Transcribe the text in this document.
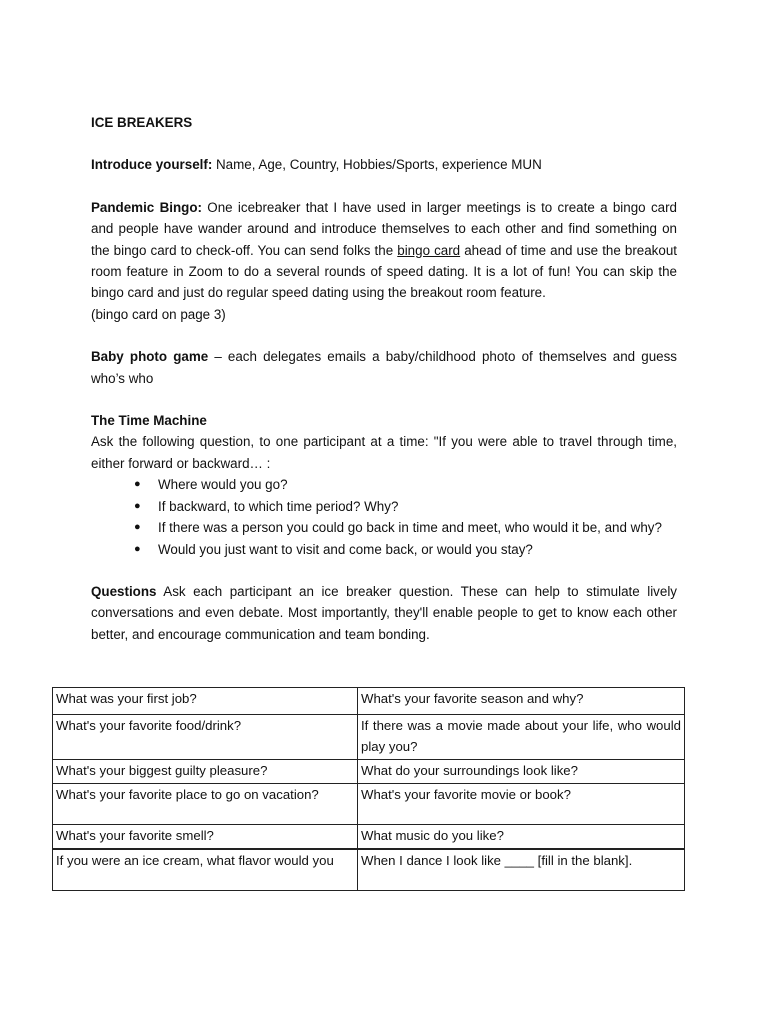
ICE BREAKERS

Introduce yourself: Name, Age, Country, Hobbies/Sports, experience MUN

Pandemic Bingo: One icebreaker that I have used in larger meetings is to create a bingo card and people have wander around and introduce themselves to each other and find something on the bingo card to check-off. You can send folks the bingo card ahead of time and use the breakout room feature in Zoom to do a several rounds of speed dating. It is a lot of fun! You can skip the bingo card and just do regular speed dating using the breakout room feature.

(bingo card on page 3)

Baby photo game – each delegates emails a baby/childhood photo of themselves and guess who’s who

The Time Machine

Ask the following question, to one participant at a time: "If you were able to travel through time, either forward or backward… :

● Where would you go?
● If backward, to which time period? Why?
● If there was a person you could go back in time and meet, who would it be, and why?
● Would you just want to visit and come back, or would you stay?

Questions Ask each participant an ice breaker question. These can help to stimulate lively conversations and even debate. Most importantly, they'll enable people to get to know each other better, and encourage communication and team bonding.

What was your first job?	What's your favorite season and why?
What's your favorite food/drink?	If there was a movie made about your life, who would play you?
What's your biggest guilty pleasure?	What do your surroundings look like?
What's your favorite place to go on vacation?	What's your favorite movie or book?
What's your favorite smell?	What music do you like?
If you were an ice cream, what flavor would you	When I dance I look like ____ [fill in the blank].
